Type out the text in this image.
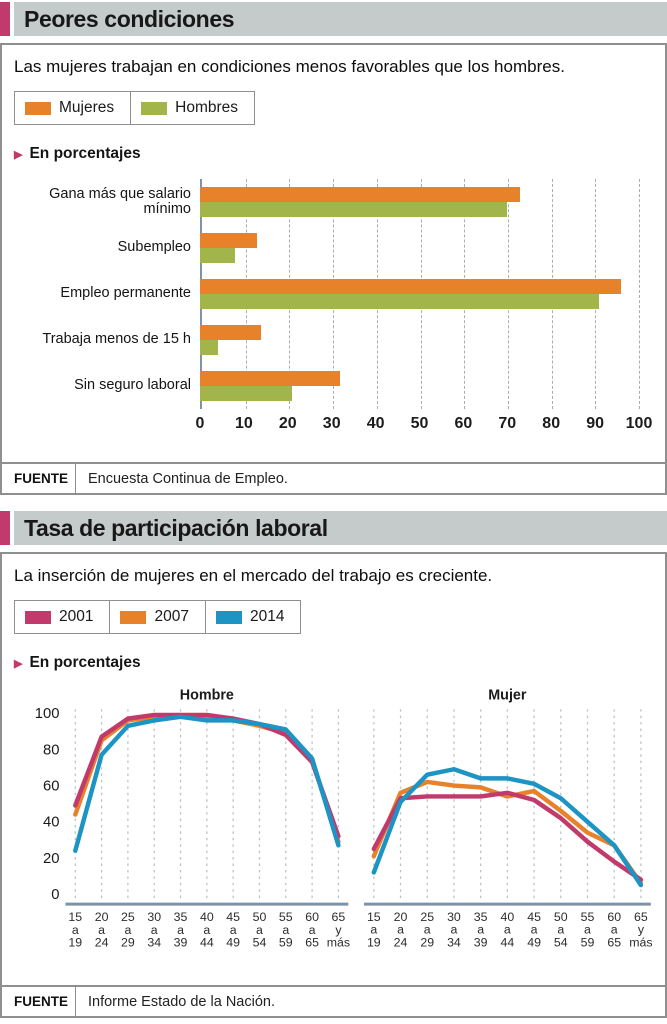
Peores condiciones

Las mujeres trabajan en condiciones menos favorables que los hombres.

Mujeres	Hombres
▶ En porcentajes
Gana más que salario mínimo
Subempleo
Empleo permanente
Trabaja menos de 15 h
Sin seguro laboral
0 10 20 30 40 50 60 70 80 90 100
FUENTE	Encuesta Continua de Empleo.
Tasa de participación laboral

La inserción de mujeres en el mercado del trabajo es creciente.

2001	2007	2014
▶ En porcentajes
Hombre
15 a 19
20 a 24
25 a 29
30 a 34
35 a 39
40 a 44
45 a 49
50 a 54
55 a 59
60 a 65
65 y más
0
20
40
60
80
100
Mujer
15 a 19
20 a 24
25 a 29
30 a 34
35 a 39
40 a 44
45 a 49
50 a 54
55 a 59
60 a 65
65 y más
FUENTE	Informe Estado de la Nación.
